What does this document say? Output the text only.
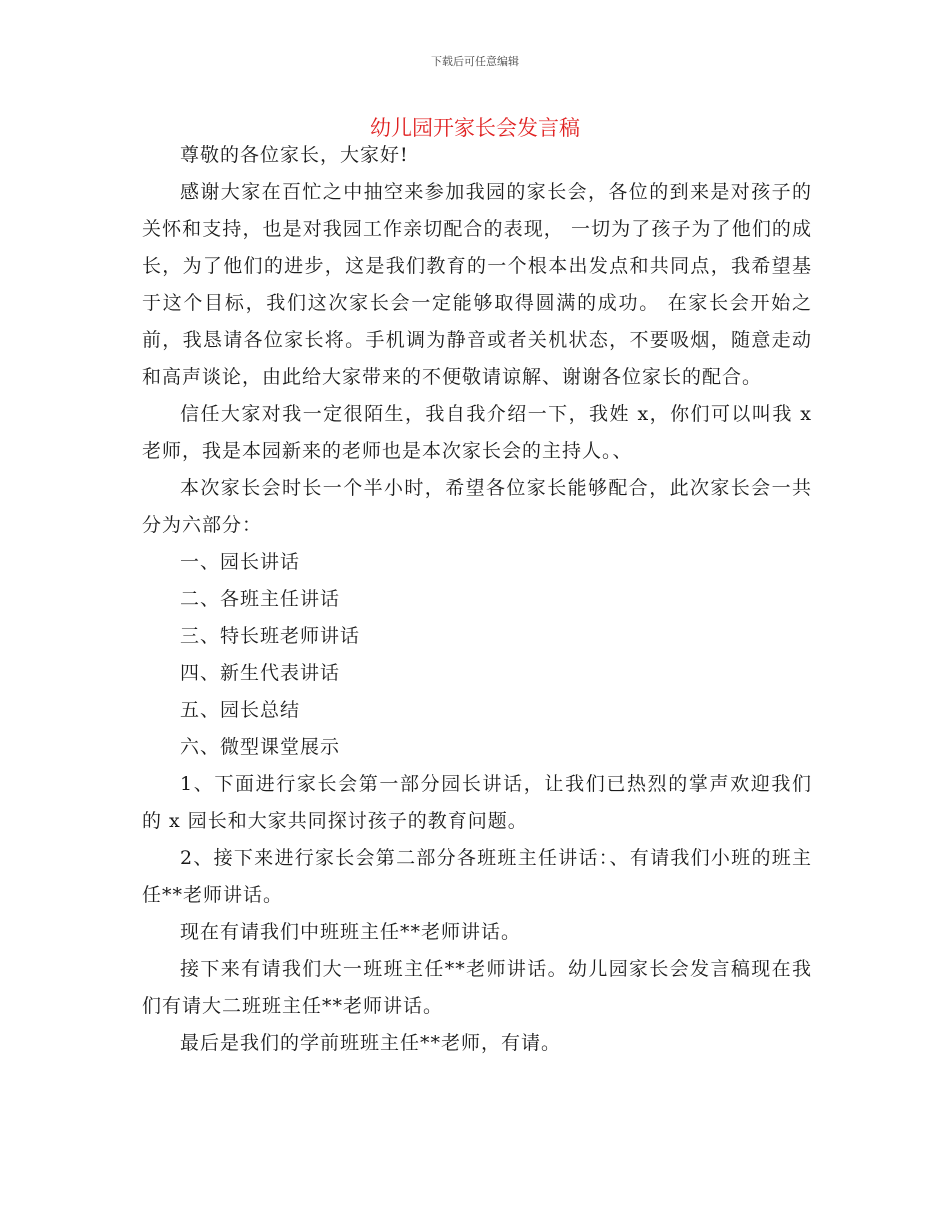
下载后可任意编辑
幼儿园开家长会发言稿

尊敬的各位家长，大家好!

感谢大家在百忙之中抽空来参加我园的家长会，各位的到来是对孩子的关怀和支持，也是对我园工作亲切配合的表现， 一切为了孩子为了他们的成长，为了他们的进步，这是我们教育的一个根本出发点和共同点，我希望基于这个目标，我们这次家长会一定能够取得圆满的成功。 在家长会开始之前，我恳请各位家长将。手机调为静音或者关机状态，不要吸烟，随意走动和高声谈论，由此给大家带来的不便敬请谅解、谢谢各位家长的配合。

信任大家对我一定很陌生，我自我介绍一下，我姓 x，你们可以叫我 x 老师，我是本园新来的老师也是本次家长会的主持人。、

本次家长会时长一个半小时，希望各位家长能够配合，此次家长会一共分为六部分：

一、园长讲话

二、各班主任讲话

三、特长班老师讲话

四、新生代表讲话

五、园长总结

六、微型课堂展示

1、下面进行家长会第一部分园长讲话，让我们已热烈的掌声欢迎我们的 x 园长和大家共同探讨孩子的教育问题。

2、接下来进行家长会第二部分各班班主任讲话：、有请我们小班的班主任**老师讲话。

现在有请我们中班班主任**老师讲话。

接下来有请我们大一班班主任**老师讲话。幼儿园家长会发言稿现在我们有请大二班班主任**老师讲话。

最后是我们的学前班班主任**老师，有请。
